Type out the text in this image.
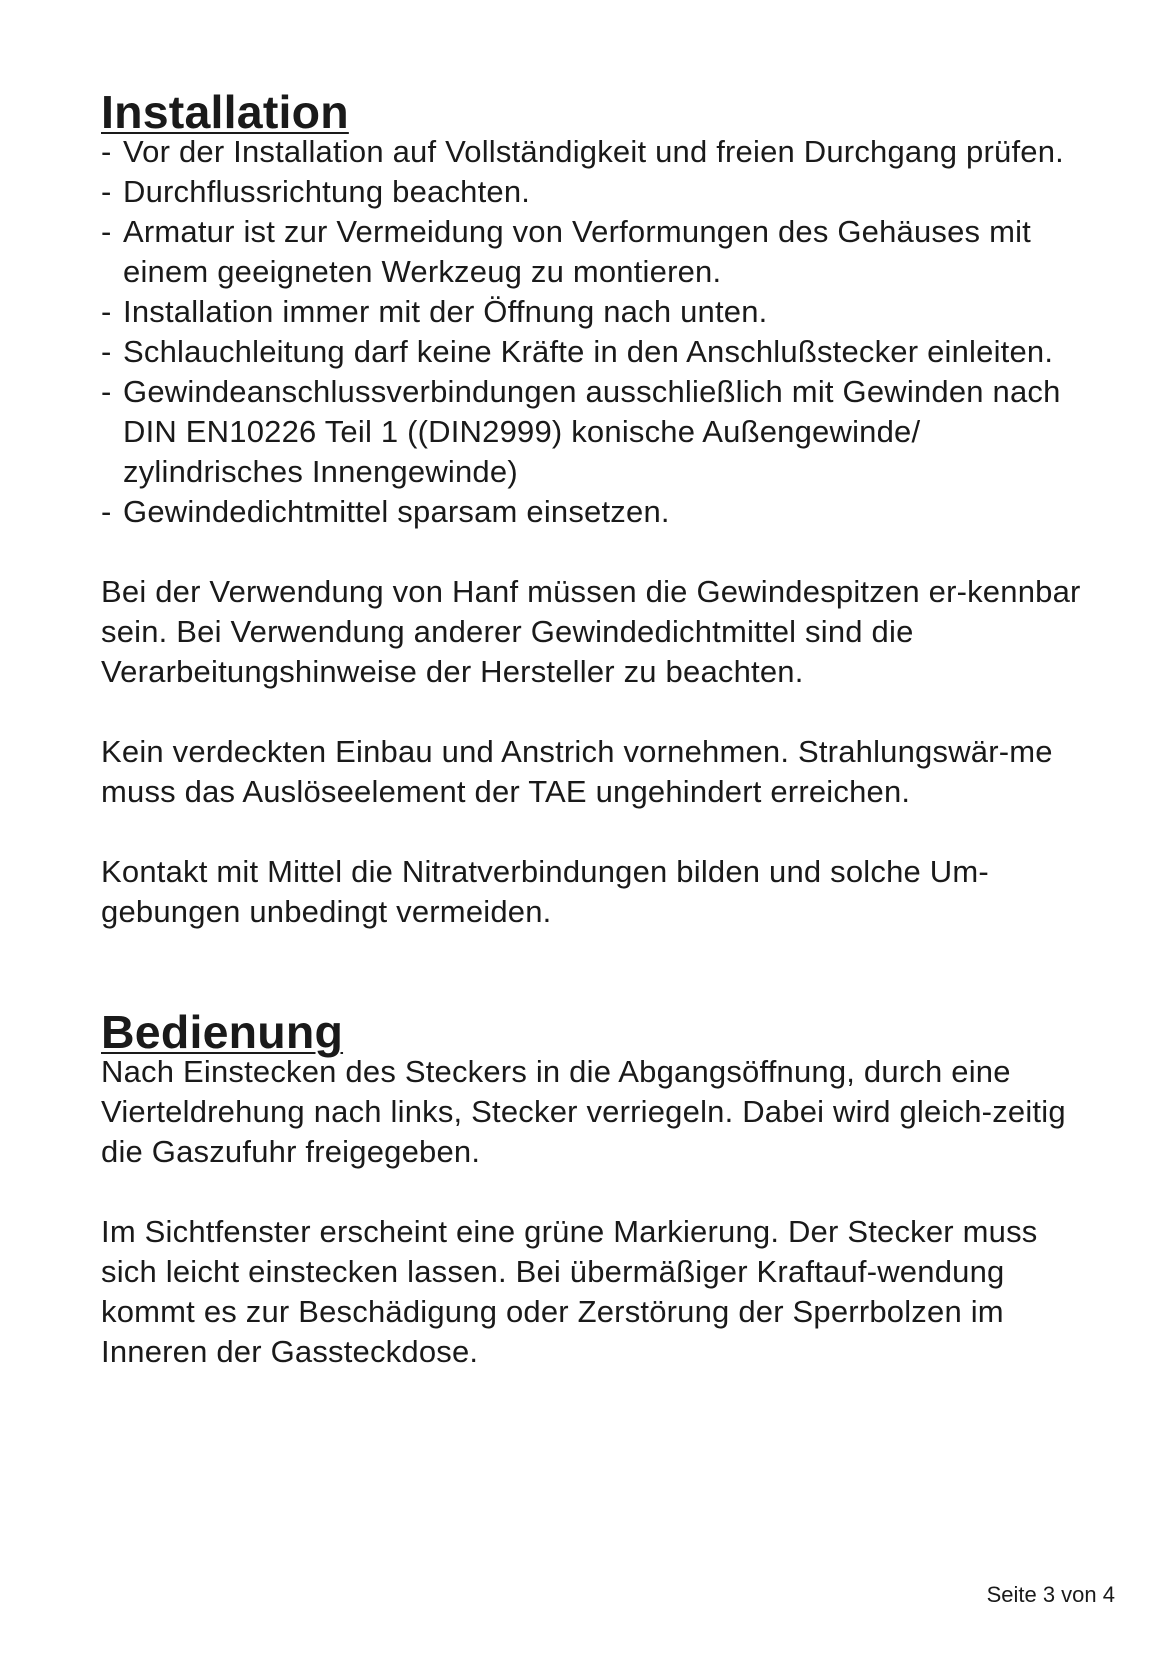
Installation
- Vor der Installation auf Vollständigkeit und freien Durchgang prüfen.
- Durchflussrichtung beachten.
- Armatur ist zur Vermeidung von Verformungen des Gehäuses mit einem geeigneten Werkzeug zu montieren.
- Installation immer mit der Öffnung nach unten.
- Schlauchleitung darf keine Kräfte in den Anschlußstecker einleiten.
- Gewindeanschlussverbindungen ausschließlich mit Gewinden nach DIN EN10226 Teil 1 ((DIN2999) konische Außengewinde/ zylindrisches Innengewinde)
- Gewindedichtmittel sparsam einsetzen.

Bei der Verwendung von Hanf müssen die Gewindespitzen er-kennbar sein. Bei Verwendung anderer Gewindedichtmittel sind die Verarbeitungshinweise der Hersteller zu beachten.

Kein verdeckten Einbau und Anstrich vornehmen. Strahlungswär-me muss das Auslöseelement der TAE ungehindert erreichen.

Kontakt mit Mittel die Nitratverbindungen bilden und solche Um-gebungen unbedingt vermeiden.

Bedienung

Nach Einstecken des Steckers in die Abgangsöffnung, durch eine Vierteldrehung nach links, Stecker verriegeln. Dabei wird gleich-zeitig die Gaszufuhr freigegeben.

Im Sichtfenster erscheint eine grüne Markierung. Der Stecker muss sich leicht einstecken lassen. Bei übermäßiger Kraftauf-wendung kommt es zur Beschädigung oder Zerstörung der Sperrbolzen im Inneren der Gassteckdose.

Seite 3 von 4
